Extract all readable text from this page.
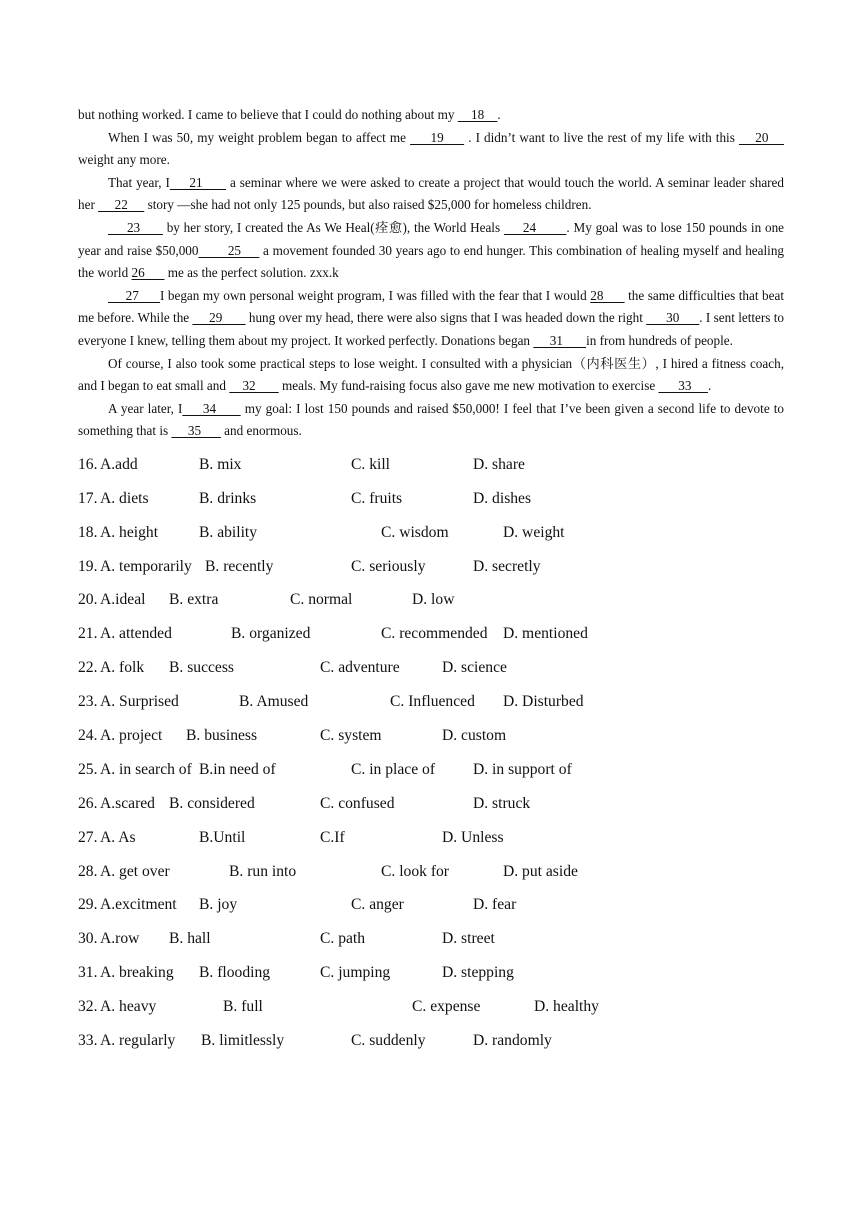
but nothing worked. I came to believe that I could do nothing about my     18    .

When I was 50, my weight problem began to affect me      19      . I didn’t want to live the rest of my life with this     20     weight any more.

That year, I     21       a seminar where we were asked to create a project that would touch the world. A seminar leader shared her      22      story —she had not only 125 pounds, but also raised $25,000 for homeless children.

23       by her story, I created the As We Heal(痊愈), the World Heals      24        . My goal was to lose 150 pounds in one year and raise $50,000        25      a movement founded 30 years ago to end hunger. This combination of healing myself and healing the world 26       me as the perfect solution. zxx.k

27      I began my own personal weight program, I was filled with the fear that I would 28       the same difficulties that beat me before. While the      29        hung over my head, there were also signs that I was headed down the right       30      . I sent letters to everyone I knew, telling them about my project. It worked perfectly. Donations began      31       in from hundreds of people.

Of course, I also took some practical steps to lose weight. I consulted with a physician（内科医生）, I hired a fitness coach, and I began to eat small and     32        meals. My fund-raising focus also gave me new motivation to exercise       33     .

A year later, I     34       my goal: I lost 150 pounds and raised $50,000! I feel that I’ve been given a second life to devote to something that is      35       and enormous.

16. A.add	B. mix	C. kill	D. share
17. A. diets	B. drinks	C. fruits	D. dishes
18. A. height	B. ability	C. wisdom	D. weight
19. A. temporarily B. recently	C. seriously	D. secretly
20. A.ideal B. extra	C. normal	D. low
21. A. attended	B. organized	C. recommended D. mentioned
22. A. folk B. success	C. adventure	D. science
23. A. Surprised	B. Amused	C. Influenced D. Disturbed
24. A. project B. business	C. system	D. custom
25. A. in search of B.in need of	C. in place of D. in support of
26. A.scared B. considered	C. confused	D. struck
27. A. As	B.Until	C.If	D. Unless
28. A. get over	B. run into	C. look for	D. put aside
29. A.excitment B. joy	C. anger	D. fear
30. A.row B. hall	C. path	D. street
31. A. breaking B. flooding	C. jumping	D. stepping
32. A. heavy	B. full	C. expense	D. healthy
33. A. regularly B. limitlessly	C. suddenly	D. randomly
